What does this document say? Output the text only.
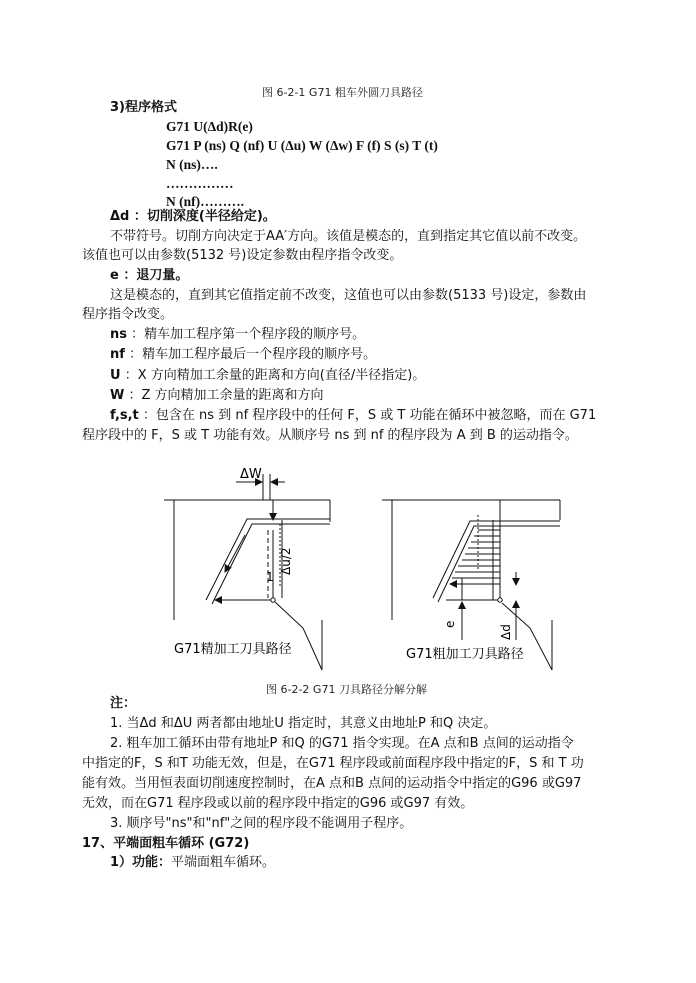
图 6-2-1 G71 粗车外圆刀具路径
3)程序格式
G71 U(Δd)R(e)
G71 P (ns) Q (nf) U (Δu) W (Δw) F (f) S (s) T (t)
N (ns)….
……………
N (nf)……….
Δd ：切削深度(半径给定)。
不带符号。切削方向决定于AA′方向。该值是模态的，直到指定其它值以前不改变。
该值也可以由参数(5132 号)设定参数由程序指令改变。
e ：退刀量。
这是模态的，直到其它值指定前不改变，这值也可以由参数(5133 号)设定，参数由
程序指令改变。
ns ：精车加工程序第一个程序段的顺序号。
nf ：精车加工程序最后一个程序段的顺序号。
U ：X 方向精加工余量的距离和方向(直径/半径指定)。
W ：Z 方向精加工余量的距离和方向
f,s,t ：包含在 ns 到 nf 程序段中的任何 F，S 或 T 功能在循环中被忽略，而在 G71
程序段中的 F，S 或 T 功能有效。从顺序号 ns 到 nf 的程序段为 A 到 B 的运动指令。
ΔW
1
Δu/2
e	Δd
G71精加工刀具路径	G71粗加工刀具路径
图 6-2-2 G71 刀具路径分解分解
注：
1. 当Δd 和ΔU 两者都由地址U 指定时，其意义由地址P 和Q 决定。
2. 粗车加工循环由带有地址P 和Q 的G71 指令实现。在A 点和B 点间的运动指令
中指定的F，S 和T 功能无效，但是，在G71 程序段或前面程序段中指定的F，S 和 T 功
能有效。当用恒表面切削速度控制时，在A 点和B 点间的运动指令中指定的G96 或G97
无效，而在G71 程序段或以前的程序段中指定的G96 或G97 有效。
3. 顺序号"ns"和"nf"之间的程序段不能调用子程序。
17、平端面粗车循环 (G72)
1）功能：平端面粗车循环。
